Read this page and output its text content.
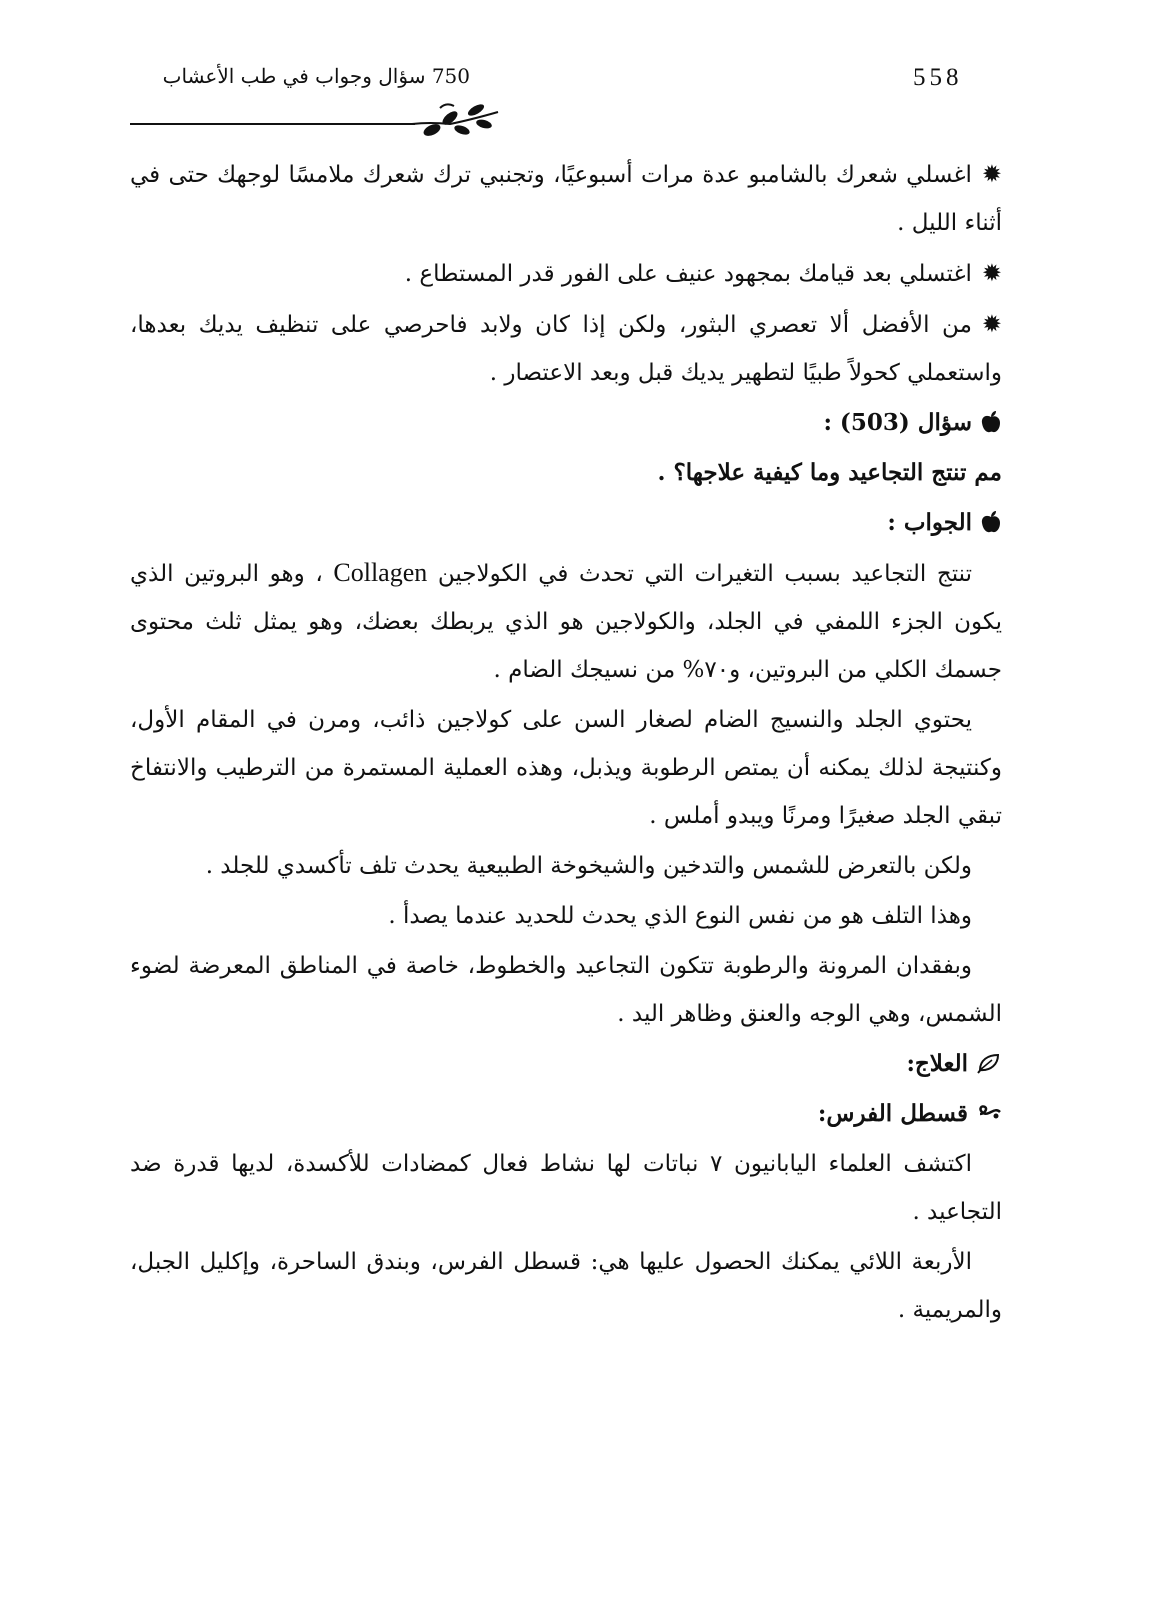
558
750 سؤال وجواب في طب الأعشاب

✹اغسلي شعرك بالشامبو عدة مرات أسبوعيًا، وتجنبي ترك شعرك ملامسًا لوجهك حتى في أثناء الليل .

✹اغتسلي بعد قيامك بمجهود عنيف على الفور قدر المستطاع .

✹من الأفضل ألا تعصري البثور، ولكن إذا كان ولابد فاحرصي على تنظيف يديك بعدها، واستعملي كحولاً طبيًا لتطهير يديك قبل وبعد الاعتصار .

سؤال (503) :

مم تنتج التجاعيد وما كيفية علاجها؟ .

الجواب :

تنتج التجاعيد بسبب التغيرات التي تحدث في الكولاجين Collagen ، وهو البروتين الذي يكون الجزء اللمفي في الجلد، والكولاجين هو الذي يربطك بعضك، وهو يمثل ثلث محتوى جسمك الكلي من البروتين، و٧٠% من نسيجك الضام .

يحتوي الجلد والنسيج الضام لصغار السن على كولاجين ذائب، ومرن في المقام الأول، وكنتيجة لذلك يمكنه أن يمتص الرطوبة ويذبل، وهذه العملية المستمرة من الترطيب والانتفاخ تبقي الجلد صغيرًا ومرنًا ويبدو أملس .

ولكن بالتعرض للشمس والتدخين والشيخوخة الطبيعية يحدث تلف تأكسدي للجلد .

وهذا التلف هو من نفس النوع الذي يحدث للحديد عندما يصدأ .

وبفقدان المرونة والرطوبة تتكون التجاعيد والخطوط، خاصة في المناطق المعرضة لضوء الشمس، وهي الوجه والعنق وظاهر اليد .

العلاج:

قسطل الفرس:

اكتشف العلماء اليابانيون ٧ نباتات لها نشاط فعال كمضادات للأكسدة، لديها قدرة ضد التجاعيد .

الأربعة اللائي يمكنك الحصول عليها هي: قسطل الفرس، وبندق الساحرة، وإكليل الجبل، والمريمية .
